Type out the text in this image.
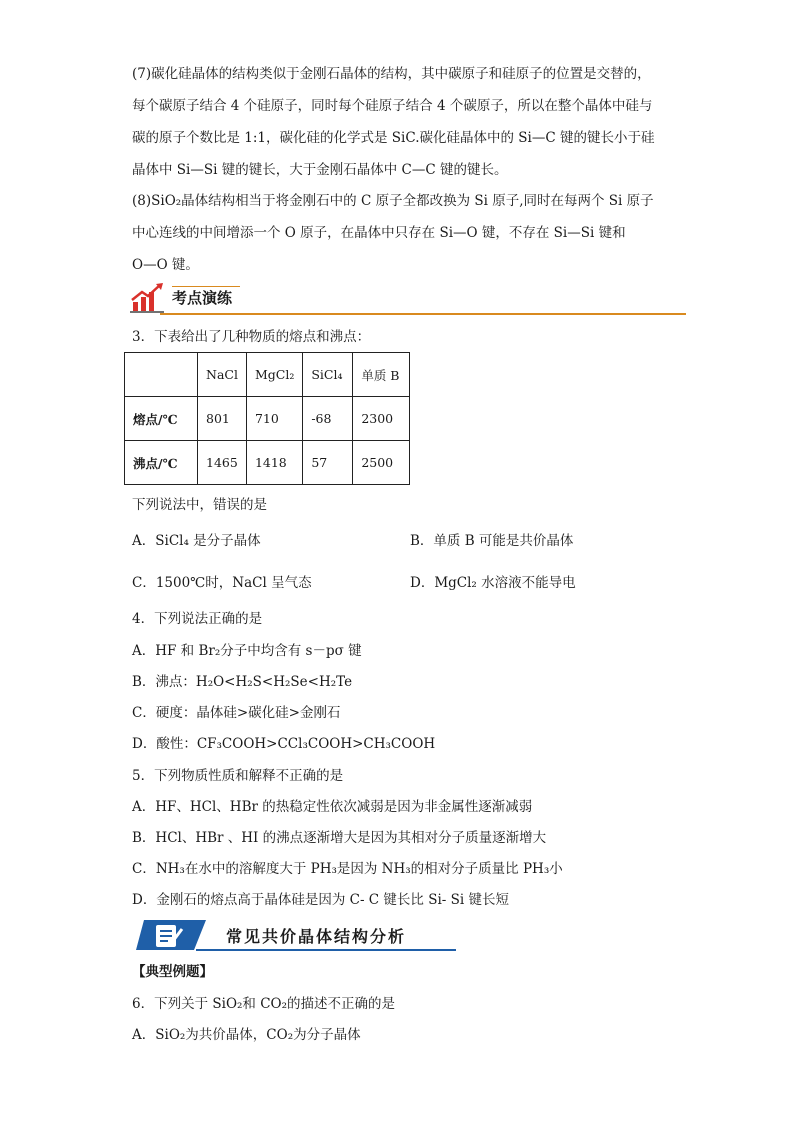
(7)碳化硅晶体的结构类似于金刚石晶体的结构，其中碳原子和硅原子的位置是交替的，
每个碳原子结合 4 个硅原子，同时每个硅原子结合 4 个碳原子，所以在整个晶体中硅与
碳的原子个数比是 1:1，碳化硅的化学式是 SiC.碳化硅晶体中的 Si—C 键的键长小于硅
晶体中 Si—Si 键的键长，大于金刚石晶体中 C—C 键的键长。
(8)SiO₂晶体结构相当于将金刚石中的 C 原子全都改换为 Si 原子,同时在每两个 Si 原子
中心连线的中间增添一个 O 原子，在晶体中只存在 Si—O 键，不存在 Si—Si 键和
O—O 键。
考点演练
3．下表给出了几种物质的熔点和沸点：
	NaCl	MgCl₂	SiCl₄	单质 B
熔点/℃	801	710	-68	2300
沸点/℃	1465	1418	57	2500
下列说法中，错误的是
A．SiCl₄ 是分子晶体	B．单质 B 可能是共价晶体
C．1500℃时，NaCl 呈气态	D．MgCl₂ 水溶液不能导电
4．下列说法正确的是
A．HF 和 Br₂分子中均含有 s－pσ 键
B．沸点：H₂O<H₂S<H₂Se<H₂Te
C．硬度：晶体硅>碳化硅>金刚石
D．酸性：CF₃COOH>CCl₃COOH>CH₃COOH
5．下列物质性质和解释不正确的是
A．HF、HCl、HBr 的热稳定性依次减弱是因为非金属性逐渐减弱
B．HCl、HBr 、HI 的沸点逐渐增大是因为其相对分子质量逐渐增大
C．NH₃在水中的溶解度大于 PH₃是因为 NH₃的相对分子质量比 PH₃小
D．金刚石的熔点高于晶体硅是因为 C- C 键长比 Si- Si 键长短
常见共价晶体结构分析
【典型例题】
6．下列关于 SiO₂和 CO₂的描述不正确的是
A．SiO₂为共价晶体，CO₂为分子晶体
